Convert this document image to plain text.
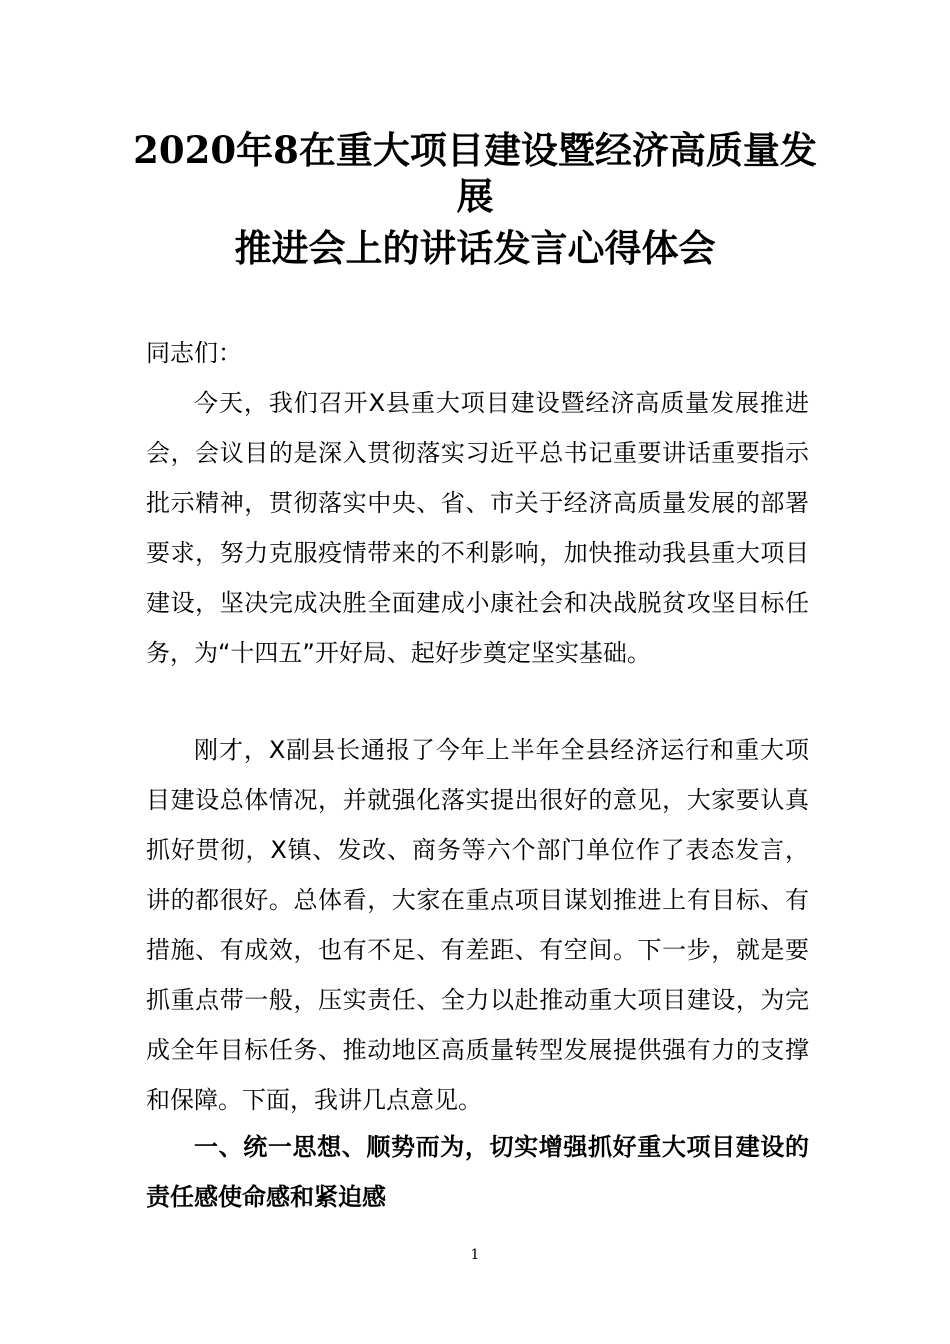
2020年8在重大项目建设暨经济高质量发
展
推进会上的讲话发言心得体会
同志们：
今天，我们召开X县重大项目建设暨经济高质量发展推进会，会议目的是深入贯彻落实习近平总书记重要讲话重要指示批示精神，贯彻落实中央、省、市关于经济高质量发展的部署要求，努力克服疫情带来的不利影响，加快推动我县重大项目建设，坚决完成决胜全面建成小康社会和决战脱贫攻坚目标任务，为“十四五”开好局、起好步奠定坚实基础。
刚才，X副县长通报了今年上半年全县经济运行和重大项目建设总体情况，并就强化落实提出很好的意见，大家要认真抓好贯彻，X镇、发改、商务等六个部门单位作了表态发言，讲的都很好。总体看，大家在重点项目谋划推进上有目标、有措施、有成效，也有不足、有差距、有空间。下一步，就是要抓重点带一般，压实责任、全力以赴推动重大项目建设，为完成全年目标任务、推动地区高质量转型发展提供强有力的支撑和保障。下面，我讲几点意见。
一、统一思想、顺势而为，切实增强抓好重大项目建设的责任感使命感和紧迫感
1
